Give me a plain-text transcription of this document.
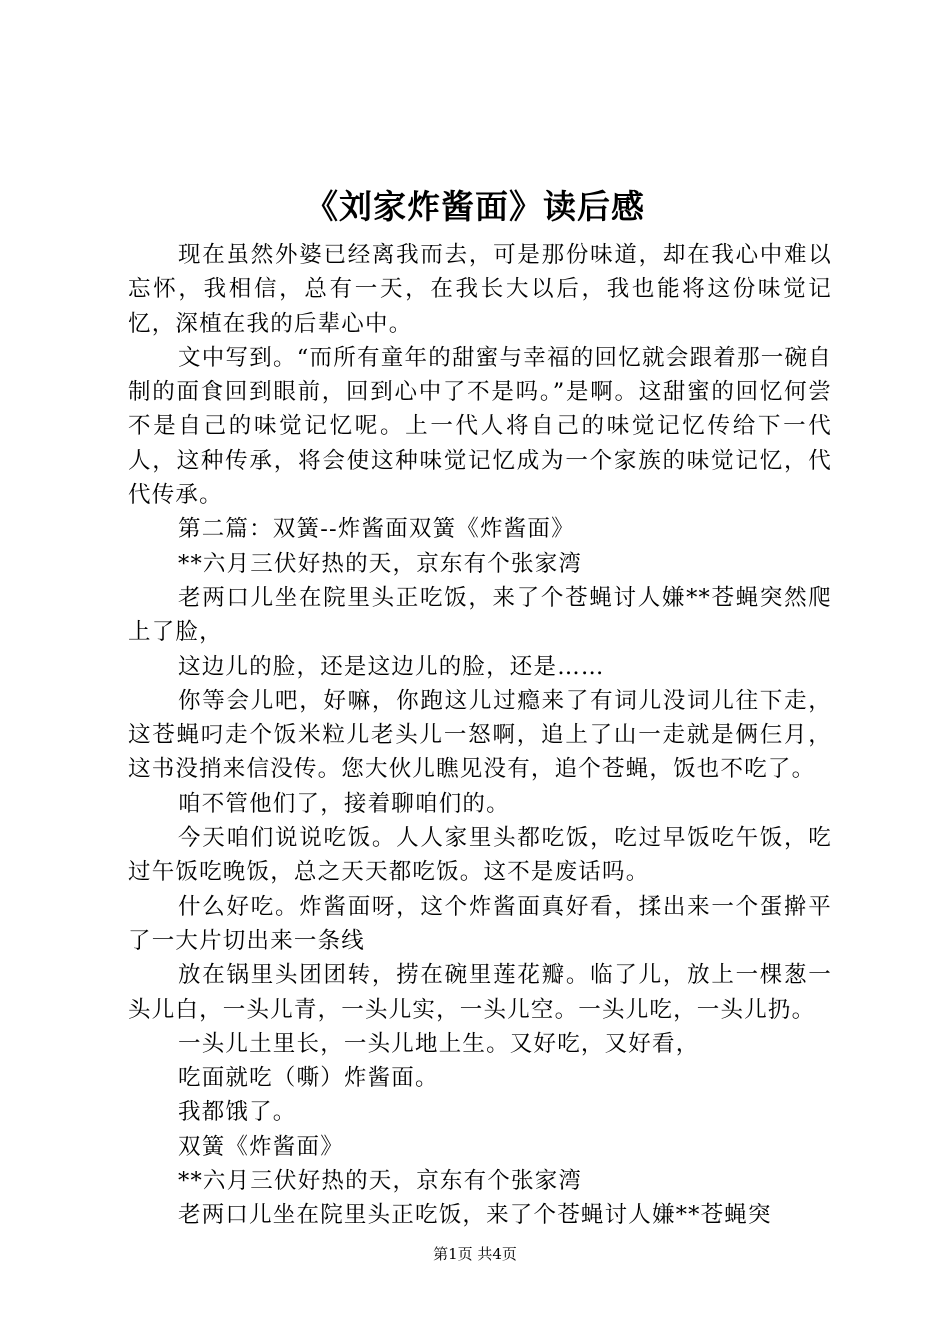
《刘家炸酱面》读后感

现在虽然外婆已经离我而去，可是那份味道，却在我心中难以忘怀，我相信，总有一天，在我长大以后，我也能将这份味觉记忆，深植在我的后辈心中。

文中写到。“而所有童年的甜蜜与幸福的回忆就会跟着那一碗自制的面食回到眼前，回到心中了不是吗。”是啊。这甜蜜的回忆何尝不是自己的味觉记忆呢。上一代人将自己的味觉记忆传给下一代人，这种传承，将会使这种味觉记忆成为一个家族的味觉记忆，代代传承。

第二篇：双簧--炸酱面双簧《炸酱面》

**六月三伏好热的天，京东有个张家湾

老两口儿坐在院里头正吃饭，来了个苍蝇讨人嫌**苍蝇突然爬上了脸，

这边儿的脸，还是这边儿的脸，还是……

你等会儿吧，好嘛，你跑这儿过瘾来了有词儿没词儿往下走，这苍蝇叼走个饭米粒儿老头儿一怒啊，追上了山一走就是俩仨月，这书没捎来信没传。您大伙儿瞧见没有，追个苍蝇，饭也不吃了。

咱不管他们了，接着聊咱们的。

今天咱们说说吃饭。人人家里头都吃饭，吃过早饭吃午饭，吃过午饭吃晚饭，总之天天都吃饭。这不是废话吗。

什么好吃。炸酱面呀，这个炸酱面真好看，揉出来一个蛋擀平了一大片切出来一条线

放在锅里头团团转，捞在碗里莲花瓣。临了儿，放上一棵葱一头儿白，一头儿青，一头儿实，一头儿空。一头儿吃，一头儿扔。

一头儿土里长，一头儿地上生。又好吃，又好看，

吃面就吃（嘶）炸酱面。

我都饿了。

双簧《炸酱面》

**六月三伏好热的天，京东有个张家湾

老两口儿坐在院里头正吃饭，来了个苍蝇讨人嫌**苍蝇突

第1页 共4页
